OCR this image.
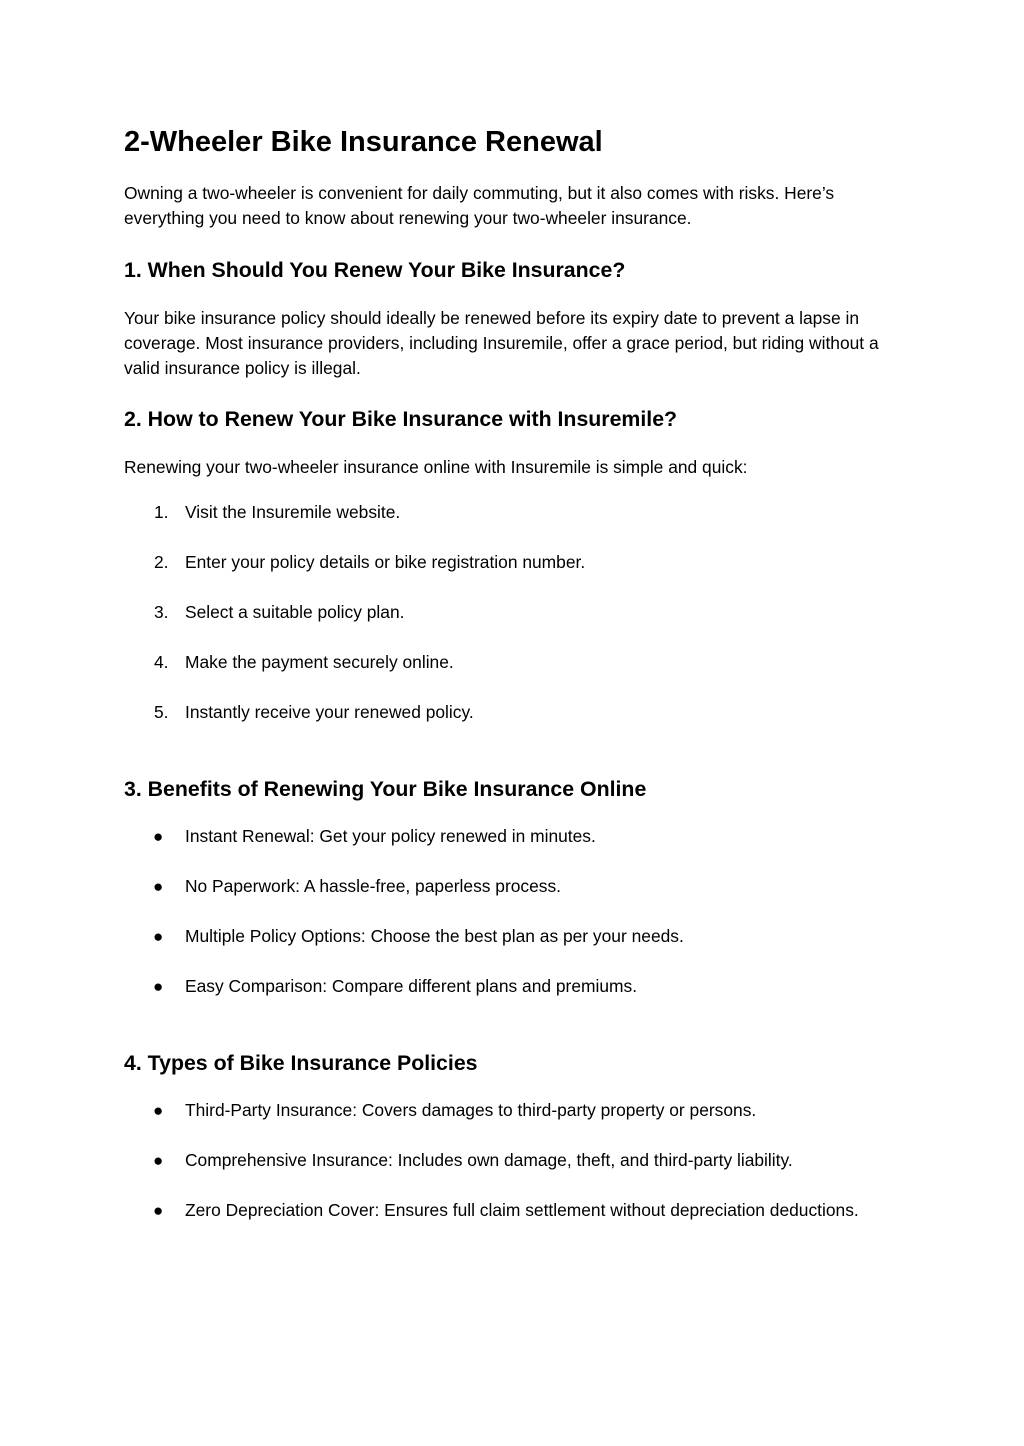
2-Wheeler Bike Insurance Renewal

Owning a two-wheeler is convenient for daily commuting, but it also comes with risks. Here’s everything you need to know about renewing your two-wheeler insurance.

1. When Should You Renew Your Bike Insurance?

Your bike insurance policy should ideally be renewed before its expiry date to prevent a lapse in coverage. Most insurance providers, including Insuremile, offer a grace period, but riding without a valid insurance policy is illegal.

2. How to Renew Your Bike Insurance with Insuremile?

Renewing your two-wheeler insurance online with Insuremile is simple and quick:

1. Visit the Insuremile website.
2. Enter your policy details or bike registration number.
3. Select a suitable policy plan.
4. Make the payment securely online.
5. Instantly receive your renewed policy.
3. Benefits of Renewing Your Bike Insurance Online
● Instant Renewal: Get your policy renewed in minutes.
● No Paperwork: A hassle-free, paperless process.
● Multiple Policy Options: Choose the best plan as per your needs.
● Easy Comparison: Compare different plans and premiums.
4. Types of Bike Insurance Policies
● Third-Party Insurance: Covers damages to third-party property or persons.
● Comprehensive Insurance: Includes own damage, theft, and third-party liability.
● Zero Depreciation Cover: Ensures full claim settlement without depreciation deductions.
